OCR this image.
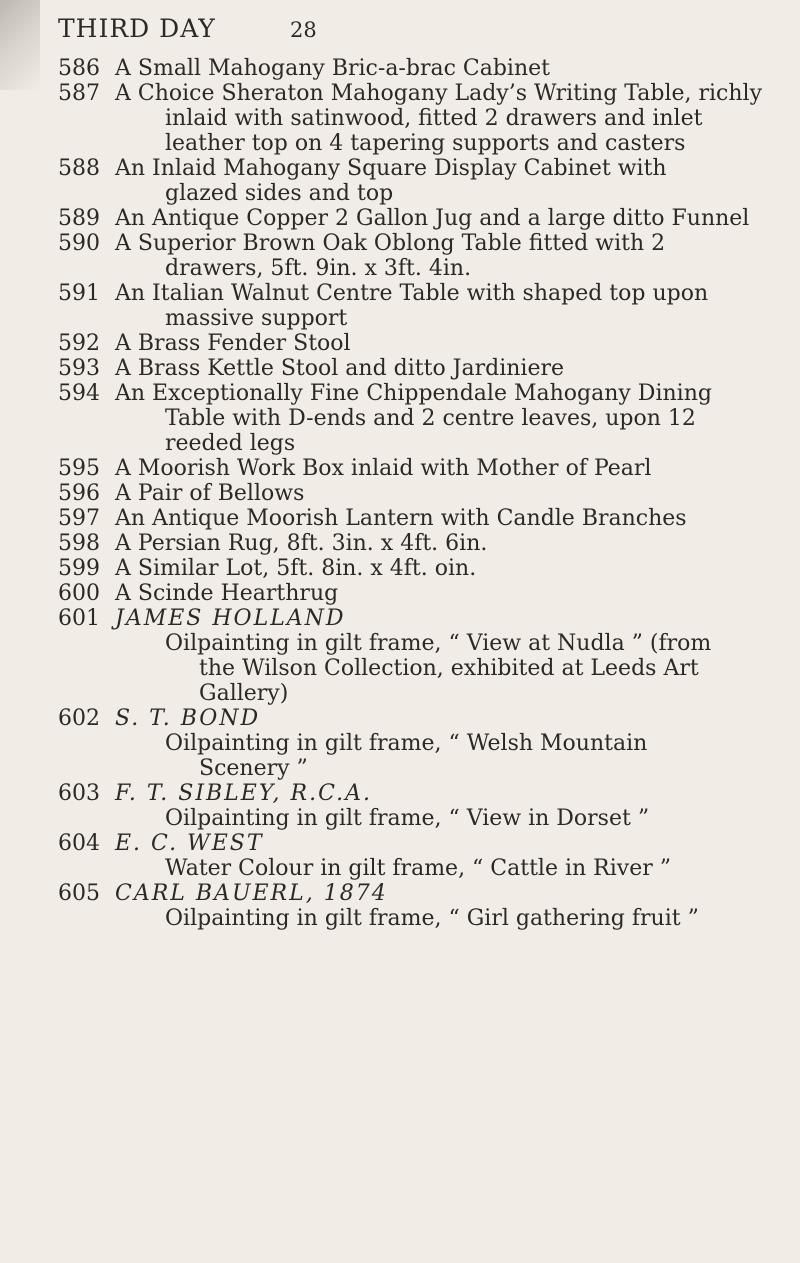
THIRD DAY	28
586 A Small Mahogany Bric-a-brac Cabinet
587 A Choice Sheraton Mahogany Lady’s Writing Table, richly
inlaid with satinwood, fitted 2 drawers and inlet
leather top on 4 tapering supports and casters
588 An Inlaid Mahogany Square Display Cabinet with
glazed sides and top
589 An Antique Copper 2 Gallon Jug and a large ditto Funnel
590 A Superior Brown Oak Oblong Table fitted with 2
drawers, 5ft. 9in. x 3ft. 4in.
591 An Italian Walnut Centre Table with shaped top upon
massive support
592 A Brass Fender Stool
593 A Brass Kettle Stool and ditto Jardiniere
594 An Exceptionally Fine Chippendale Mahogany Dining
Table with D-ends and 2 centre leaves, upon 12
reeded legs
595 A Moorish Work Box inlaid with Mother of Pearl
596 A Pair of Bellows
597 An Antique Moorish Lantern with Candle Branches
598 A Persian Rug, 8ft. 3in. x 4ft. 6in.
599 A Similar Lot, 5ft. 8in. x 4ft. oin.
600 A Scinde Hearthrug
601 JAMES HOLLAND
Oilpainting in gilt frame, “ View at Nudla ” (from
the Wilson Collection, exhibited at Leeds Art
Gallery)
602 S. T. BOND
Oilpainting in gilt frame, “ Welsh Mountain
Scenery ”
603 F. T. SIBLEY, R.C.A.
Oilpainting in gilt frame, “ View in Dorset ”
604 E. C. WEST
Water Colour in gilt frame, “ Cattle in River ”
605 CARL BAUERL, 1874
Oilpainting in gilt frame, “ Girl gathering fruit ”
